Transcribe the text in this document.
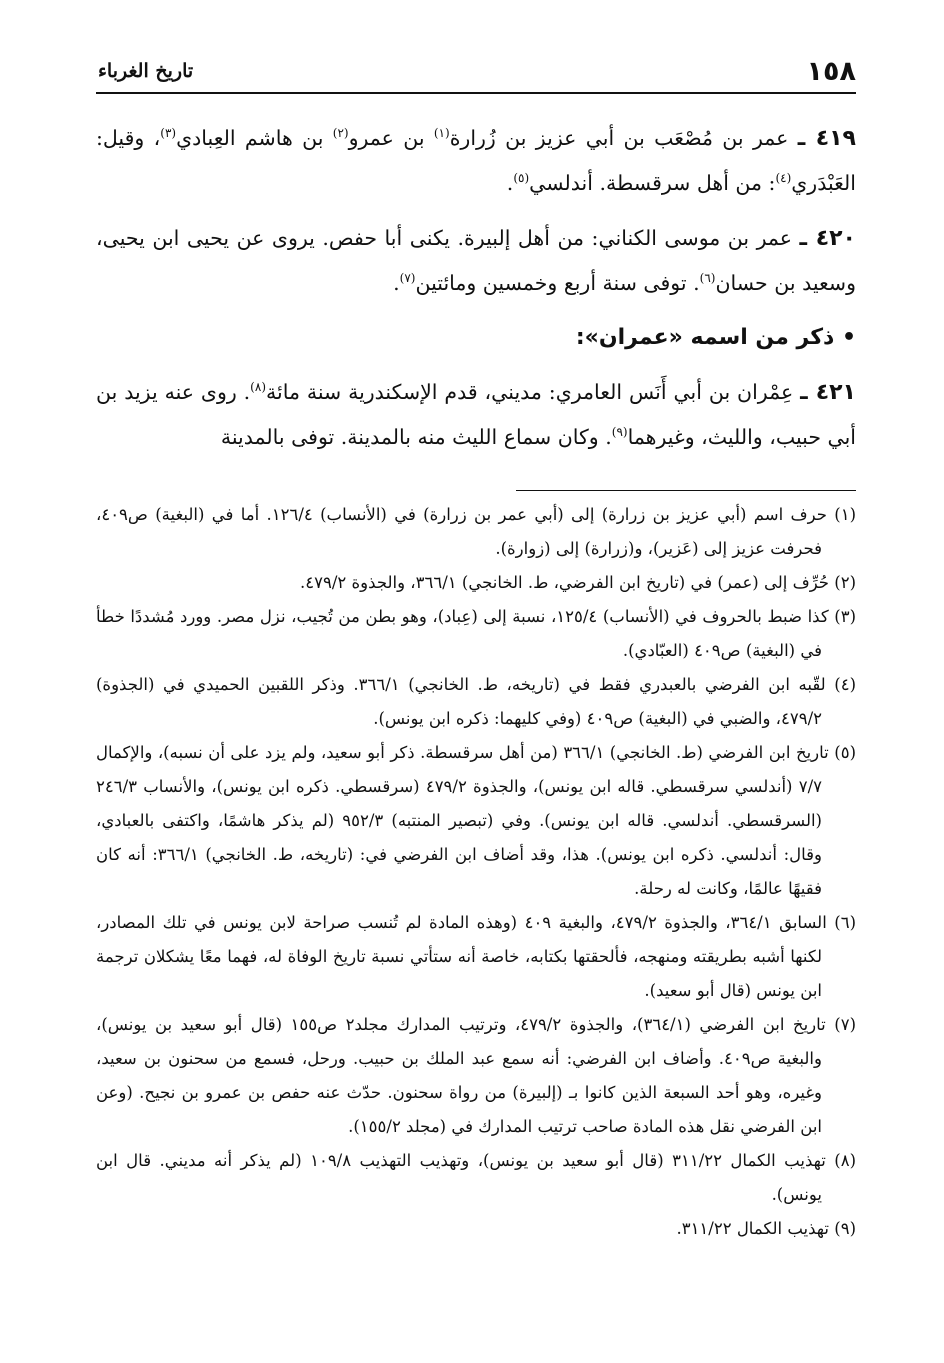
١٥٨
تاريخ الغرباء

٤١٩ ـ عمر بن مُصْعَب بن أبي عزيز بن زُرارة$^{(١)}$ بن عمرو$^{(٢)}$ بن هاشم العِبادي$^{(٣)}$، وقيل: العَبْدَري$^{(٤)}$: من أهل سرقسطة. أندلسي$^{(٥)}$.

٤٢٠ ـ عمر بن موسى الكناني: من أهل إلبيرة. يكنى أبا حفص. يروى عن يحيى ابن يحيى، وسعيد بن حسان$^{(٦)}$. توفى سنة أربع وخمسين ومائتين$^{(٧)}$.

• ذكر من اسمه «عمران»:

٤٢١ ـ عِمْران بن أبي أَنَس العامري: مديني، قدم الإسكندرية سنة مائة$^{(٨)}$. روى عنه يزيد بن أبي حبيب، والليث، وغيرهما$^{(٩)}$. وكان سماع الليث منه بالمدينة. توفى بالمدينة

(١) حرف اسم (أبي عزيز بن زرارة) إلى (أبي عمر بن زرارة) في (الأنساب) ١٢٦/٤. أما في (البغية) ص٤٠٩، فحرفت عزيز إلى (عَزير)، و(زرارة) إلى (زوارة).
(٢) حُرِّف إلى (عمر) في (تاريخ ابن الفرضي، ط. الخانجي) ٣٦٦/١، والجذوة ٤٧٩/٢.
(٣) كذا ضبط بالحروف في (الأنساب) ١٢٥/٤، نسبة إلى (عِباد)، وهو بطن من تُجيب، نزل مصر. وورد مُشددًا خطأ في (البغية) ص٤٠٩ (العبّادي).
(٤) لقّبه ابن الفرضي بالعبدري فقط في (تاريخه، ط. الخانجي) ٣٦٦/١. وذكر اللقبين الحميدي في (الجذوة) ٤٧٩/٢، والضبي في (البغية) ص٤٠٩ (وفي كليهما: ذكره ابن يونس).
(٥) تاريخ ابن الفرضي (ط. الخانجي) ٣٦٦/١ (من أهل سرقسطة. ذكر أبو سعيد، ولم يزد على أن نسبه)، والإكمال ٧/٧ (أندلسي سرقسطي. قاله ابن يونس)، والجذوة ٤٧٩/٢ (سرقسطي. ذكره ابن يونس)، والأنساب ٢٤٦/٣ (السرقسطي. أندلسي. قاله ابن يونس). وفي (تبصير المنتبه) ٩٥٢/٣ (لم يذكر هاشمًا، واكتفى بالعبادي، وقال: أندلسي. ذكره ابن يونس). هذا، وقد أضاف ابن الفرضي في: (تاريخه، ط. الخانجي) ٣٦٦/١: أنه كان فقيهًا عالمًا، وكانت له رحلة.
(٦) السابق ٣٦٤/١، والجذوة ٤٧٩/٢، والبغية ٤٠٩ (وهذه المادة لم تُنسب صراحة لابن يونس في تلك المصادر، لكنها أشبه بطريقته ومنهجه، فألحقتها بكتابه، خاصة أنه ستأتي نسبة تاريخ الوفاة له، فهما معًا يشكلان ترجمة ابن يونس (قال أبو سعيد).
(٧) تاريخ ابن الفرضي (٣٦٤/١)، والجذوة ٤٧٩/٢، وترتيب المدارك مجلد٢ ص١٥٥ (قال أبو سعيد بن يونس)، والبغية ص٤٠٩. وأضاف ابن الفرضي: أنه سمع عبد الملك بن حبيب. ورحل، فسمع من سحنون بن سعيد، وغيره، وهو أحد السبعة الذين كانوا بـ (إلبيرة) من رواة سحنون. حدّث عنه حفص بن عمرو بن نجيح. (وعن ابن الفرضي نقل هذه المادة صاحب ترتيب المدارك في (مجلد ١٥٥/٢).
(٨) تهذيب الكمال ٣١١/٢٢ (قال أبو سعيد بن يونس)، وتهذيب التهذيب ١٠٩/٨ (لم يذكر أنه مديني. قال ابن يونس).
(٩) تهذيب الكمال ٣١١/٢٢.
